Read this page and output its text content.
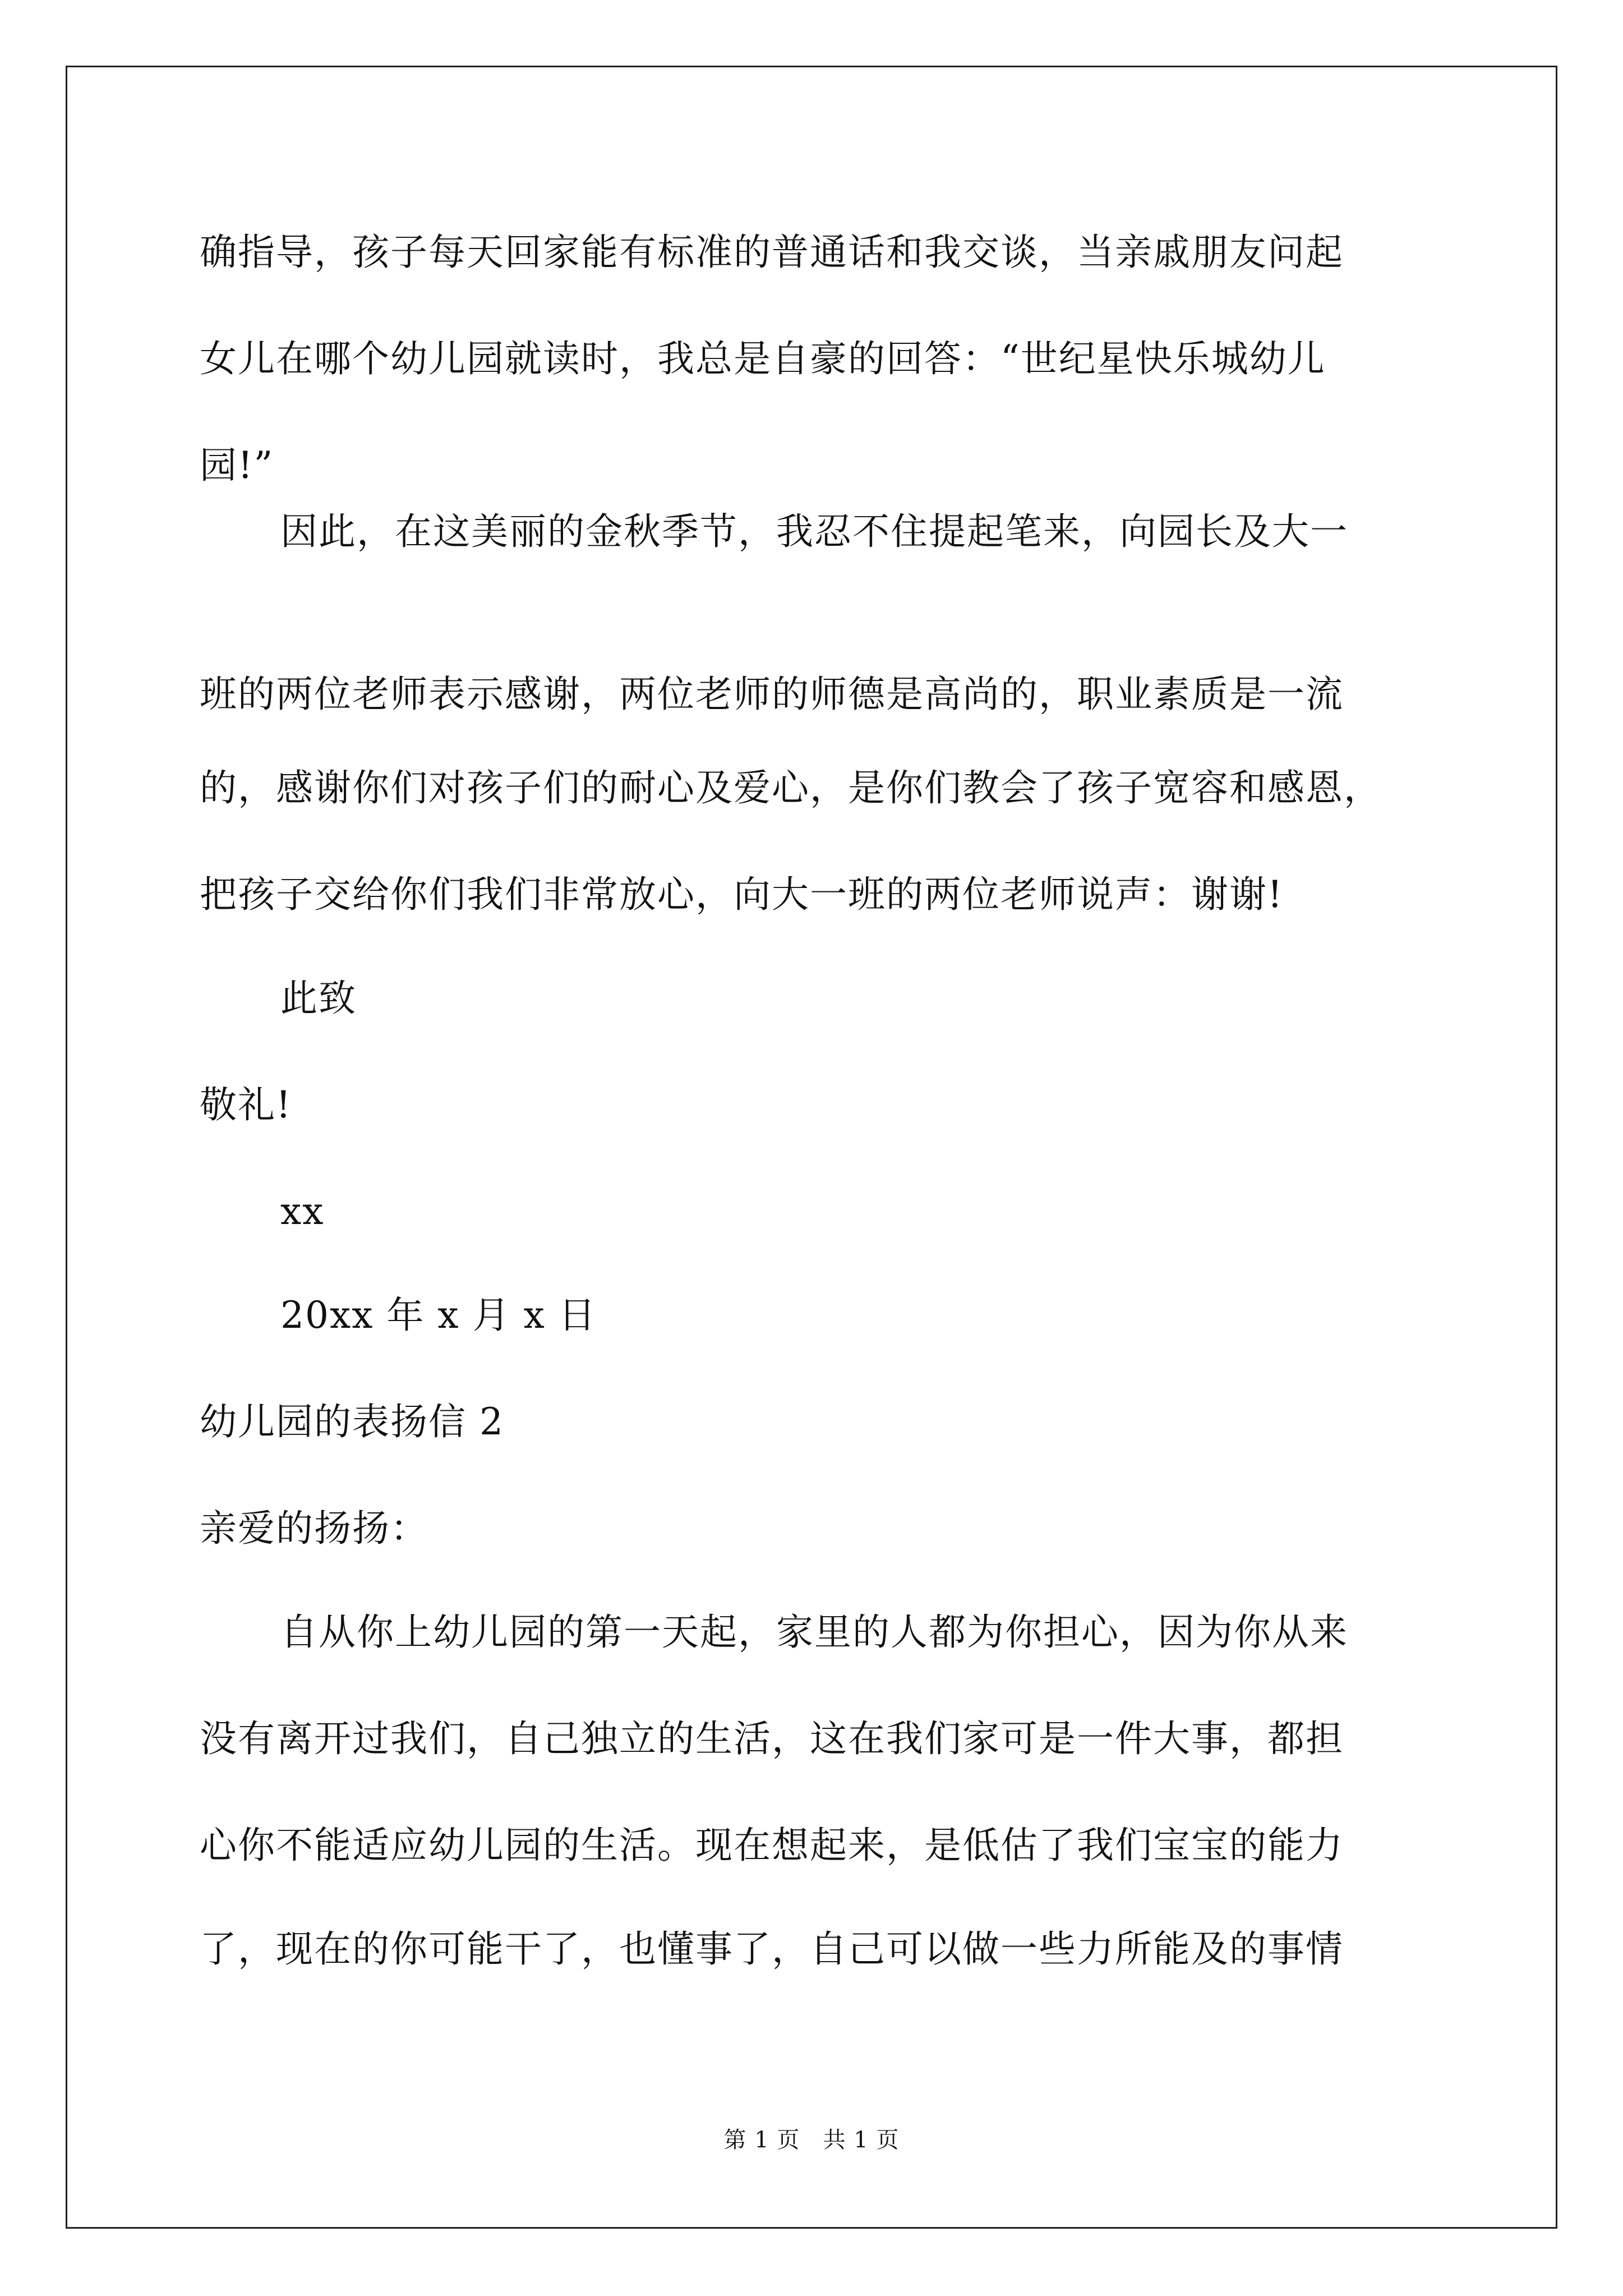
确指导，孩子每天回家能有标准的普通话和我交谈，当亲戚朋友问起
女儿在哪个幼儿园就读时，我总是自豪的回答：“世纪星快乐城幼儿
园!”
因此，在这美丽的金秋季节，我忍不住提起笔来，向园长及大一
班的两位老师表示感谢，两位老师的师德是高尚的，职业素质是一流
的，感谢你们对孩子们的耐心及爱心，是你们教会了孩子宽容和感恩，
把孩子交给你们我们非常放心，向大一班的两位老师说声：谢谢!
此致
敬礼!
xx
20xx 年 x 月 x 日
幼儿园的表扬信 2
亲爱的扬扬：
自从你上幼儿园的第一天起，家里的人都为你担心，因为你从来
没有离开过我们，自己独立的生活，这在我们家可是一件大事，都担
心你不能适应幼儿园的生活。现在想起来，是低估了我们宝宝的能力
了，现在的你可能干了，也懂事了，自己可以做一些力所能及的事情
第 1 页   共 1 页
